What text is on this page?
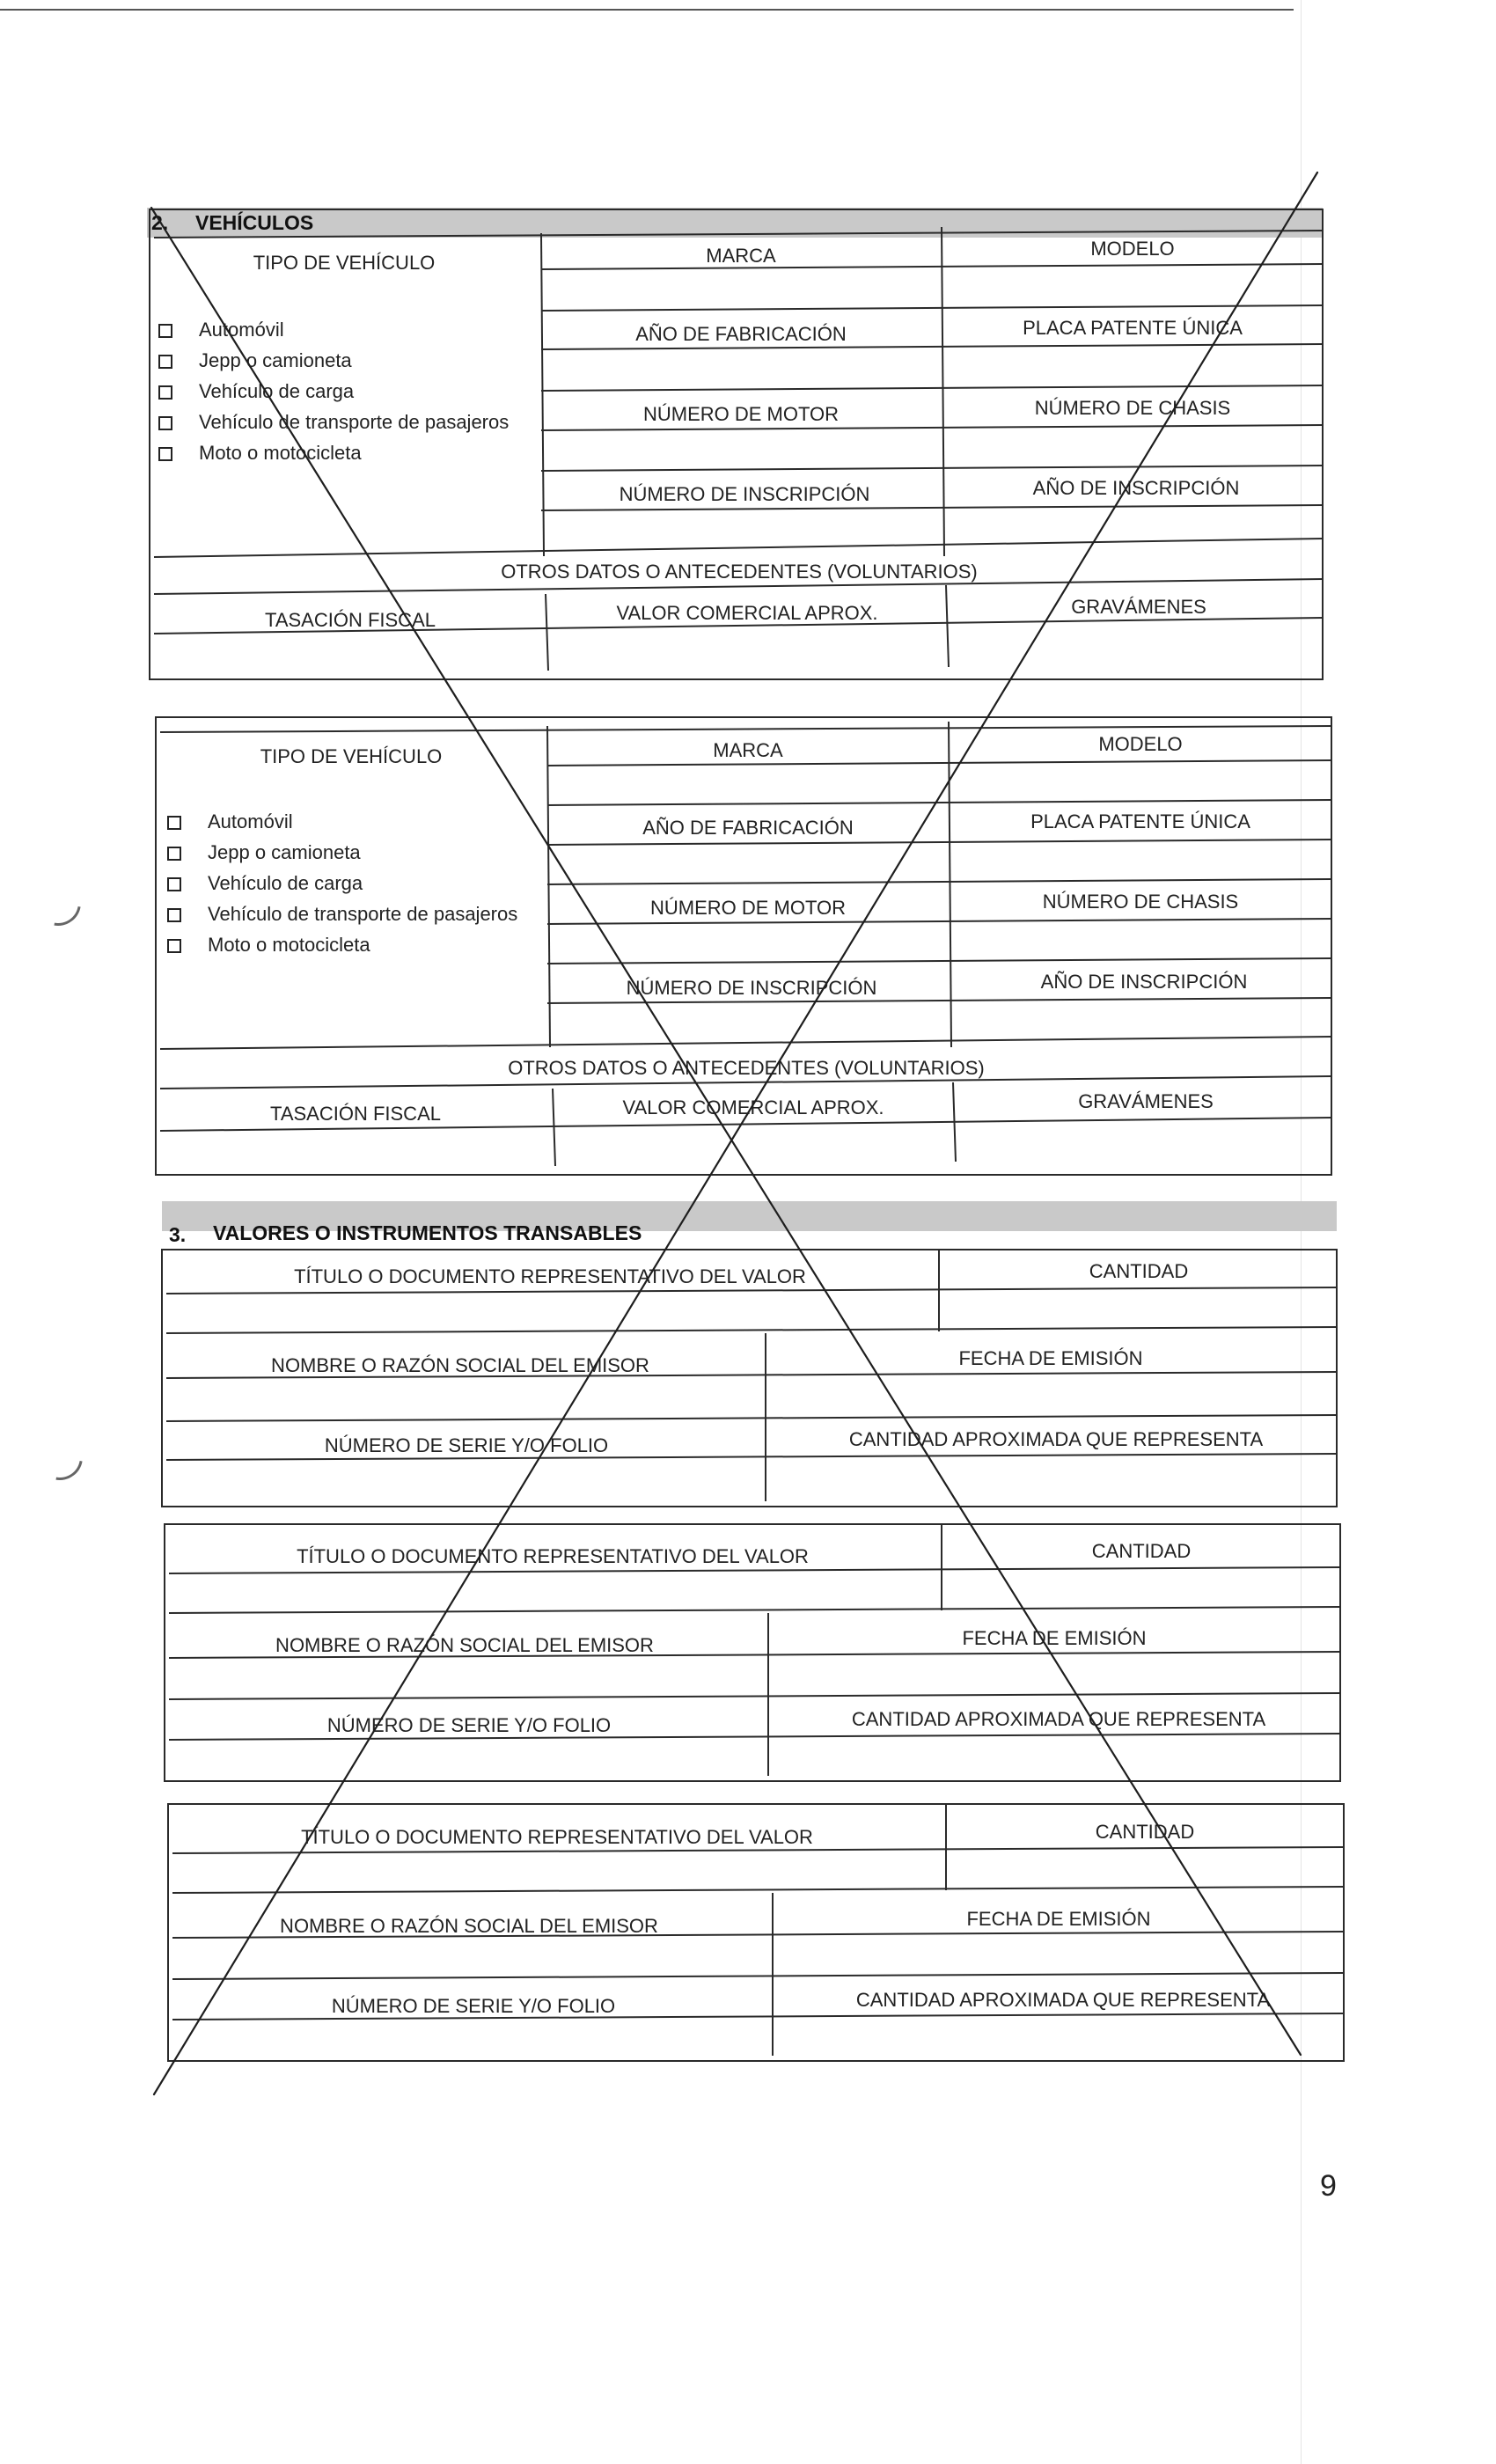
2. VEHÍCULOS
TIPO DE VEHÍCULO	MARCA	MODELO
AÑO DE FABRICACIÓN	PLACA PATENTE ÚNICA
NÚMERO DE MOTOR	NÚMERO DE CHASIS
NÚMERO DE INSCRIPCIÓN	AÑO DE INSCRIPCIÓN
OTROS DATOS O ANTECEDENTES (VOLUNTARIOS)
TASACIÓN FISCAL	VALOR COMERCIAL APROX.	GRAVÁMENES
Automóvil
Jepp o camioneta
Vehículo de carga
Vehículo de transporte de pasajeros
Moto o motocicleta
TIPO DE VEHÍCULO	MARCA	MODELO
AÑO DE FABRICACIÓN	PLACA PATENTE ÚNICA
NÚMERO DE MOTOR	NÚMERO DE CHASIS
NÚMERO DE INSCRIPCIÓN	AÑO DE INSCRIPCIÓN
OTROS DATOS O ANTECEDENTES (VOLUNTARIOS)
TASACIÓN FISCAL	VALOR COMERCIAL APROX.	GRAVÁMENES
Automóvil
Jepp o camioneta
Vehículo de carga
Vehículo de transporte de pasajeros
Moto o motocicleta
3. VALORES O INSTRUMENTOS TRANSABLES
TÍTULO O DOCUMENTO REPRESENTATIVO DEL VALOR	CANTIDAD
NOMBRE O RAZÓN SOCIAL DEL EMISOR	FECHA DE EMISIÓN
NÚMERO DE SERIE Y/O FOLIO	CANTIDAD APROXIMADA QUE REPRESENTA
TÍTULO O DOCUMENTO REPRESENTATIVO DEL VALOR	CANTIDAD
NOMBRE O RAZÓN SOCIAL DEL EMISOR	FECHA DE EMISIÓN
NÚMERO DE SERIE Y/O FOLIO	CANTIDAD APROXIMADA QUE REPRESENTA
TÍTULO O DOCUMENTO REPRESENTATIVO DEL VALOR	CANTIDAD
NOMBRE O RAZÓN SOCIAL DEL EMISOR	FECHA DE EMISIÓN
NÚMERO DE SERIE Y/O FOLIO	CANTIDAD APROXIMADA QUE REPRESENTA
9
